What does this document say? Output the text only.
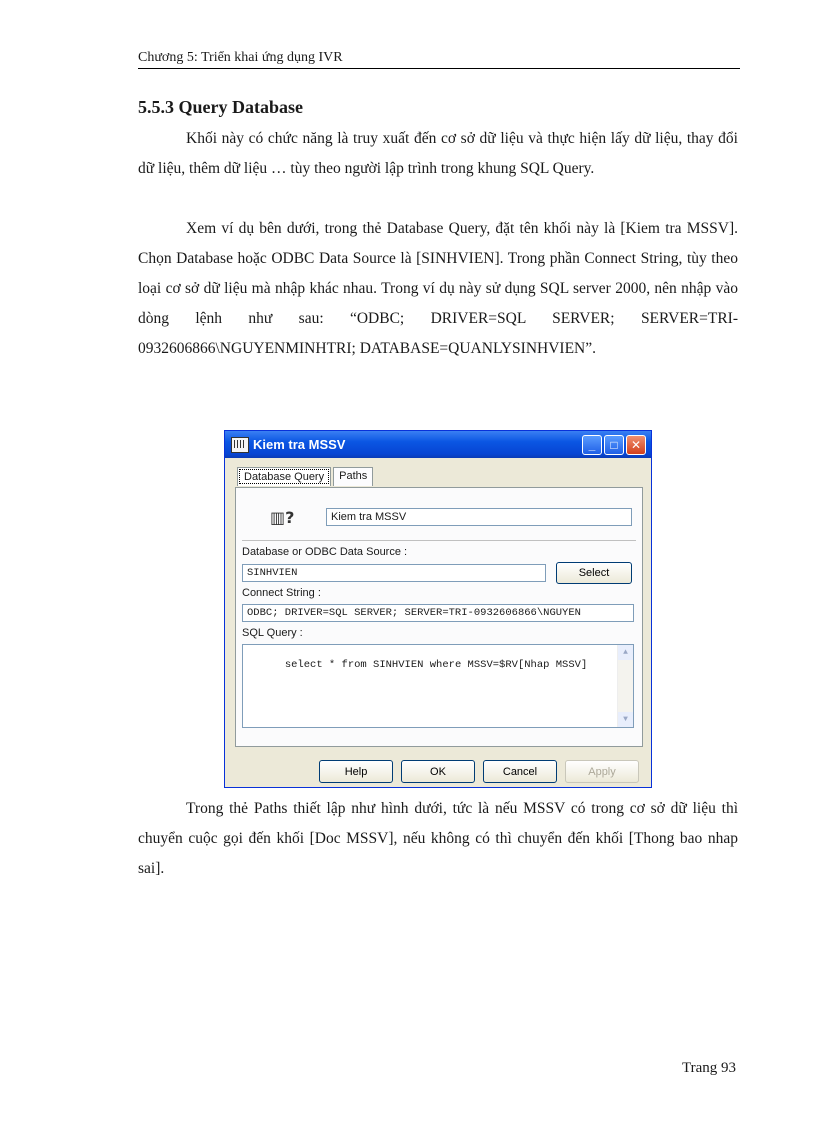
Chương 5: Triển khai ứng dụng IVR
5.5.3 Query Database
Khối này có chức năng là truy xuất đến cơ sở dữ liệu và thực hiện lấy dữ liệu, thay đổi dữ liệu, thêm dữ liệu … tùy theo người lập trình trong khung SQL Query.
Xem ví dụ bên dưới, trong thẻ Database Query, đặt tên khối này là [Kiem tra MSSV]. Chọn Database hoặc ODBC Data Source là [SINHVIEN]. Trong phần Connect String, tùy theo loại cơ sở dữ liệu mà nhập khác nhau. Trong ví dụ này sử dụng SQL server 2000, nên nhập vào dòng lệnh như sau: “ODBC; DRIVER=SQL SERVER; SERVER=TRI-0932606866\NGUYENMINHTRI; DATABASE=QUANLYSINHVIEN”.
Kiem tra MSSV	_	□	✕
Database Query	Paths
▥?	Kiem tra MSSV
Database or ODBC Data Source :
SINHVIEN	Select
Connect String :
ODBC; DRIVER=SQL SERVER; SERVER=TRI-0932606866\NGUYEN
SQL Query :

select * from SINHVIEN where MSSV=$RV[Nhap MSSV]

▲

▼

Help	OK	Cancel	Apply
Trong thẻ Paths thiết lập như hình dưới, tức là nếu MSSV có trong cơ sở dữ liệu thì chuyển cuộc gọi đến khối [Doc MSSV], nếu không có thì chuyển đến khối [Thong bao nhap sai].
Trang 93
